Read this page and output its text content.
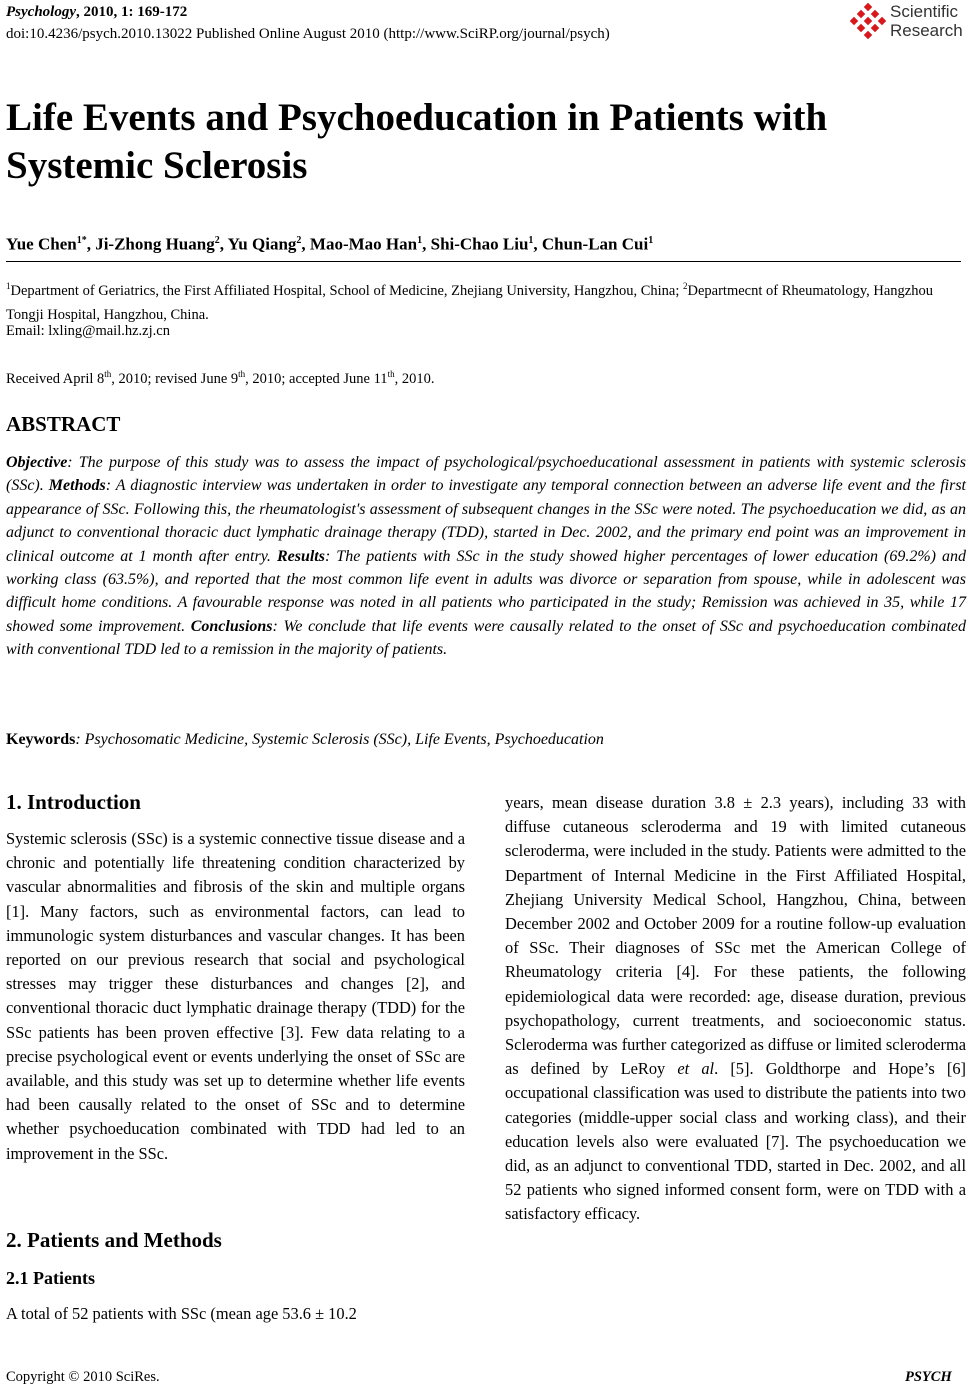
Psychology, 2010, 1: 169-172
doi:10.4236/psych.2010.13022 Published Online August 2010 (http://www.SciRP.org/journal/psych)
Scientific
Research
Life Events and Psychoeducation in Patients with Systemic Sclerosis
Yue Chen$^{1*}$, Ji-Zhong Huang$^2$, Yu Qiang$^2$, Mao-Mao Han$^1$, Shi-Chao Liu$^1$, Chun-Lan Cui$^1$
$^1$Department of Geriatrics, the First Affiliated Hospital, School of Medicine, Zhejiang University, Hangzhou, China; $^2$Departmecnt of Rheumatology, Hangzhou Tongji Hospital, Hangzhou, China.
Email: lxling@mail.hz.zj.cn
Received April 8th, 2010; revised June 9th, 2010; accepted June 11th, 2010.
ABSTRACT
Objective: The purpose of this study was to assess the impact of psychological/psychoeducational assessment in patients with systemic sclerosis (SSc). Methods: A diagnostic interview was undertaken in order to investigate any temporal connection between an adverse life event and the first appearance of SSc. Following this, the rheumatologist's assessment of subsequent changes in the SSc were noted. The psychoeducation we did, as an adjunct to conventional thoracic duct lymphatic drainage therapy (TDD), started in Dec. 2002, and the primary end point was an improvement in clinical outcome at 1 month after entry. Results: The patients with SSc in the study showed higher percentages of lower education (69.2%) and working class (63.5%), and reported that the most common life event in adults was divorce or separation from spouse, while in adolescent was difficult home conditions. A favourable response was noted in all patients who participated in the study; Remission was achieved in 35, while 17 showed some improvement. Conclusions: We conclude that life events were causally related to the onset of SSc and psychoeducation combinated with conventional TDD led to a remission in the majority of patients.
Keywords: Psychosomatic Medicine, Systemic Sclerosis (SSc), Life Events, Psychoeducation
1. Introduction
Systemic sclerosis (SSc) is a systemic connective tissue disease and a chronic and potentially life threatening condition characterized by vascular abnormalities and fibrosis of the skin and multiple organs [1]. Many factors, such as environmental factors, can lead to immunologic system disturbances and vascular changes. It has been reported on our previous research that social and psychological stresses may trigger these disturbances and changes [2], and conventional thoracic duct lymphatic drainage therapy (TDD) for the SSc patients has been proven effective [3]. Few data relating to a precise psychological event or events underlying the onset of SSc are available, and this study was set up to determine whether life events had been causally related to the onset of SSc and to determine whether psychoeducation combinated with TDD had led to an improvement in the SSc.
2. Patients and Methods
2.1 Patients
A total of 52 patients with SSc (mean age 53.6 ± 10.2
years, mean disease duration 3.8 ± 2.3 years), including 33 with diffuse cutaneous scleroderma and 19 with limited cutaneous scleroderma, were included in the study. Patients were admitted to the Department of Internal Medicine in the First Affiliated Hospital, Zhejiang University Medical School, Hangzhou, China, between December 2002 and October 2009 for a routine follow-up evaluation of SSc. Their diagnoses of SSc met the American College of Rheumatology criteria [4]. For these patients, the following epidemiological data were recorded: age, disease duration, previous psychopathology, current treatments, and socioeconomic status. Scleroderma was further categorized as diffuse or limited scleroderma as defined by LeRoy et al. [5]. Goldthorpe and Hope’s [6] occupational classification was used to distribute the patients into two categories (middle-upper social class and working class), and their education levels also were evaluated [7]. The psychoeducation we did, as an adjunct to conventional TDD, started in Dec. 2002, and all 52 patients who signed informed consent form, were on TDD with a satisfactory efficacy.
Copyright © 2010 SciRes.	PSYCH
